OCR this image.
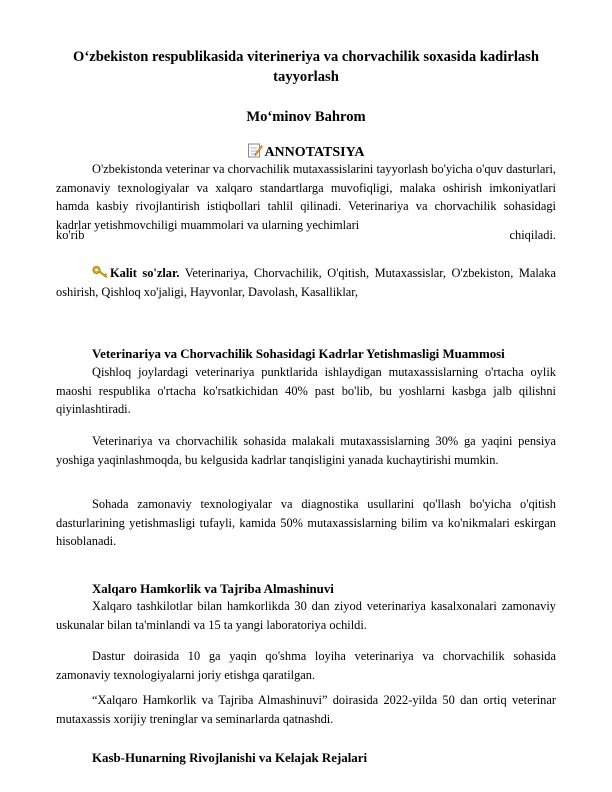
O‘zbekiston respublikasida viterineriya va chorvachilik soxasida kadirlash tayyorlash
Mo‘minov Bahrom
ANNOTATSIYA

O'zbekistonda veterinar va chorvachilik mutaxassislarini tayyorlash bo'yicha o'quv dasturlari, zamonaviy texnologiyalar va xalqaro standartlarga muvofiqligi, malaka oshirish imkoniyatlari hamda kasbiy rivojlantirish istiqbollari tahlil qilinadi. Veterinariya va chorvachilik sohasidagi kadrlar yetishmovchiligi muammolari va ularning yechimlari

ko'rib	chiqiladi.

Kalit so'zlar. Veterinariya, Chorvachilik, O'qitish, Mutaxassislar, O'zbekiston, Malaka oshirish, Qishloq xo'jaligi, Hayvonlar, Davolash, Kasalliklar,

Veterinariya va Chorvachilik Sohasidagi Kadrlar Yetishmasligi Muammosi

Qishloq joylardagi veterinariya punktlarida ishlaydigan mutaxassislarning o'rtacha oylik maoshi respublika o'rtacha ko'rsatkichidan 40% past bo'lib, bu yoshlarni kasbga jalb qilishni qiyinlashtiradi.

Veterinariya va chorvachilik sohasida malakali mutaxassislarning 30% ga yaqini pensiya yoshiga yaqinlashmoqda, bu kelgusida kadrlar tanqisligini yanada kuchaytirishi mumkin.

Sohada zamonaviy texnologiyalar va diagnostika usullarini qo'llash bo'yicha o'qitish dasturlarining yetishmasligi tufayli, kamida 50% mutaxassislarning bilim va ko'nikmalari eskirgan hisoblanadi.

Xalqaro Hamkorlik va Tajriba Almashinuvi

Xalqaro tashkilotlar bilan hamkorlikda 30 dan ziyod veterinariya kasalxonalari zamonaviy uskunalar bilan ta'minlandi va 15 ta yangi laboratoriya ochildi.

Dastur doirasida 10 ga yaqin qo'shma loyiha veterinariya va chorvachilik sohasida zamonaviy texnologiyalarni joriy etishga qaratilgan.

“Xalqaro Hamkorlik va Tajriba Almashinuvi” doirasida 2022-yilda 50 dan ortiq veterinar mutaxassis xorijiy treninglar va seminarlarda qatnashdi.

Kasb-Hunarning Rivojlanishi va Kelajak Rejalari
